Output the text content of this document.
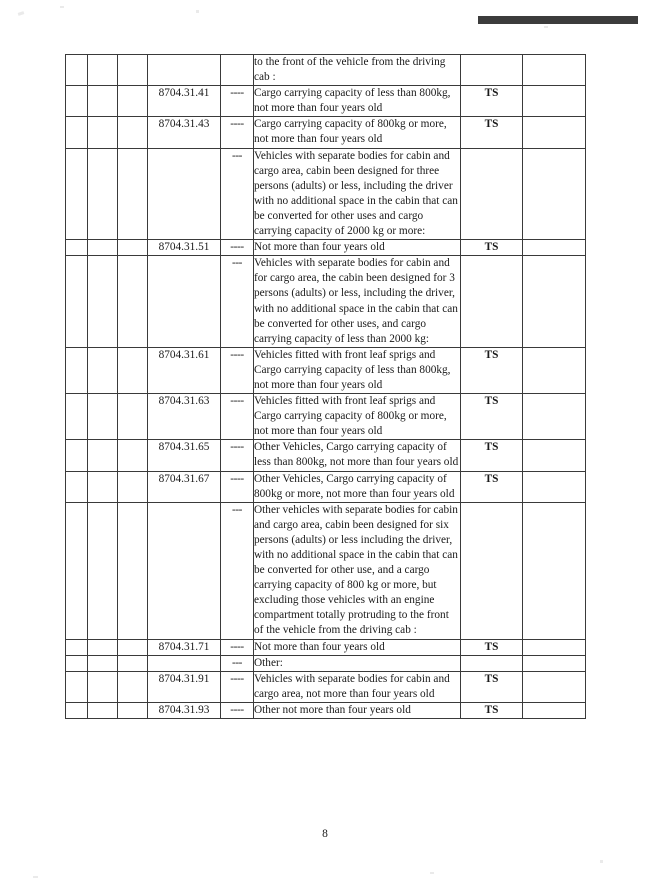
					to the front of the vehicle from the driving cab :		
			8704.31.41	----	Cargo carrying capacity of less than 800kg, not more than four years old	TS	
			8704.31.43	----	Cargo carrying capacity of 800kg or more, not more than four years old	TS	
				---	Vehicles with separate bodies for cabin and cargo area, cabin been designed for three persons (adults) or less, including the driver with no additional space in the cabin that can be converted for other uses and cargo carrying capacity of 2000 kg or more:		
			8704.31.51	----	Not more than four years old	TS	
				---	Vehicles with separate bodies for cabin and for cargo area, the cabin been designed for 3 persons (adults) or less, including the driver, with no additional space in the cabin that can be converted for other uses, and cargo carrying capacity of less than 2000 kg:		
			8704.31.61	----	Vehicles fitted with front leaf sprigs and Cargo carrying capacity of less than 800kg, not more than four years old	TS	
			8704.31.63	----	Vehicles fitted with front leaf sprigs and Cargo carrying capacity of 800kg or more, not more than four years old	TS	
			8704.31.65	----	Other Vehicles, Cargo carrying capacity of less than 800kg, not more than four years old	TS	
			8704.31.67	----	Other Vehicles, Cargo carrying capacity of 800kg or more, not more than four years old	TS	
				---	Other vehicles with separate bodies for cabin and cargo area, cabin been designed for six persons (adults) or less including the driver, with no additional space in the cabin that can be converted for other use, and a cargo carrying capacity of 800 kg or more, but excluding those vehicles with an engine compartment totally protruding to the front of the vehicle from the driving cab :		
			8704.31.71	----	Not more than four years old	TS	
				---	Other:		
			8704.31.91	----	Vehicles with separate bodies for cabin and cargo area, not more than four years old	TS	
			8704.31.93	----	Other not more than four years old	TS	
8
